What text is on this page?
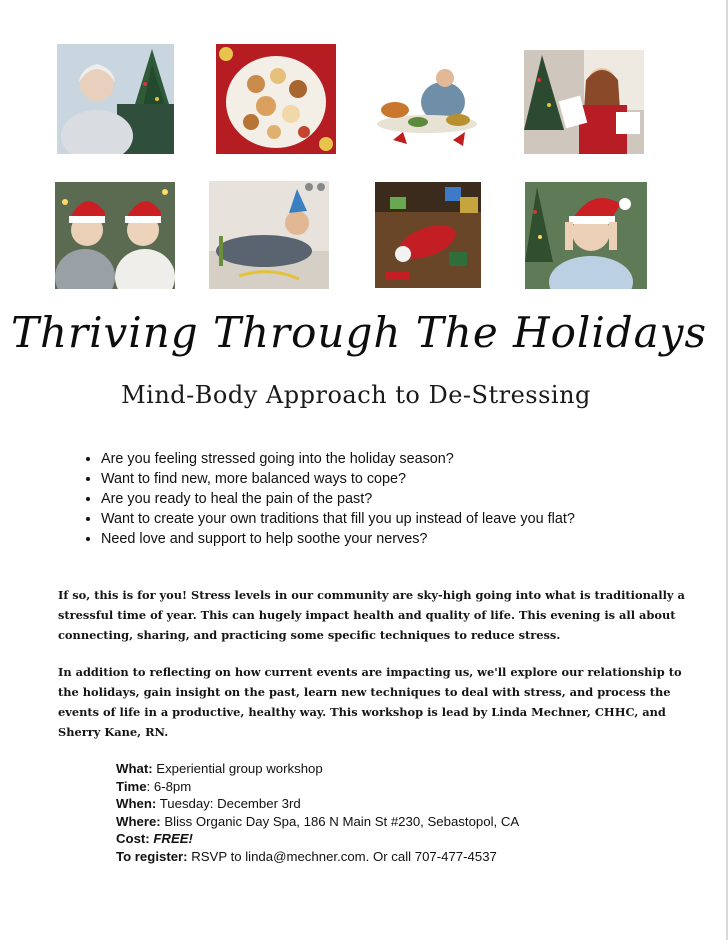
Thriving Through The Holidays
Mind-Body Approach to De-Stressing
• Are you feeling stressed going into the holiday season?
• Want to find new, more balanced ways to cope?
• Are you ready to heal the pain of the past?
• Want to create your own traditions that fill you up instead of leave you flat?
• Need love and support to help soothe your nerves?

If so, this is for you! Stress levels in our community are sky-high going into what is traditionally a stressful time of year. This can hugely impact health and quality of life. This evening is all about connecting, sharing, and practicing some specific techniques to reduce stress.

In addition to reflecting on how current events are impacting us, we'll explore our relationship to the holidays, gain insight on the past, learn new techniques to deal with stress, and process the events of life in a productive, healthy way. This workshop is lead by Linda Mechner, CHHC, and Sherry Kane, RN.

What: Experiential group workshop
Time: 6-8pm
When: Tuesday: December 3rd
Where: Bliss Organic Day Spa, 186 N Main St #230, Sebastopol, CA
Cost: FREE!
To register: RSVP to linda@mechner.com. Or call 707-477-4537
